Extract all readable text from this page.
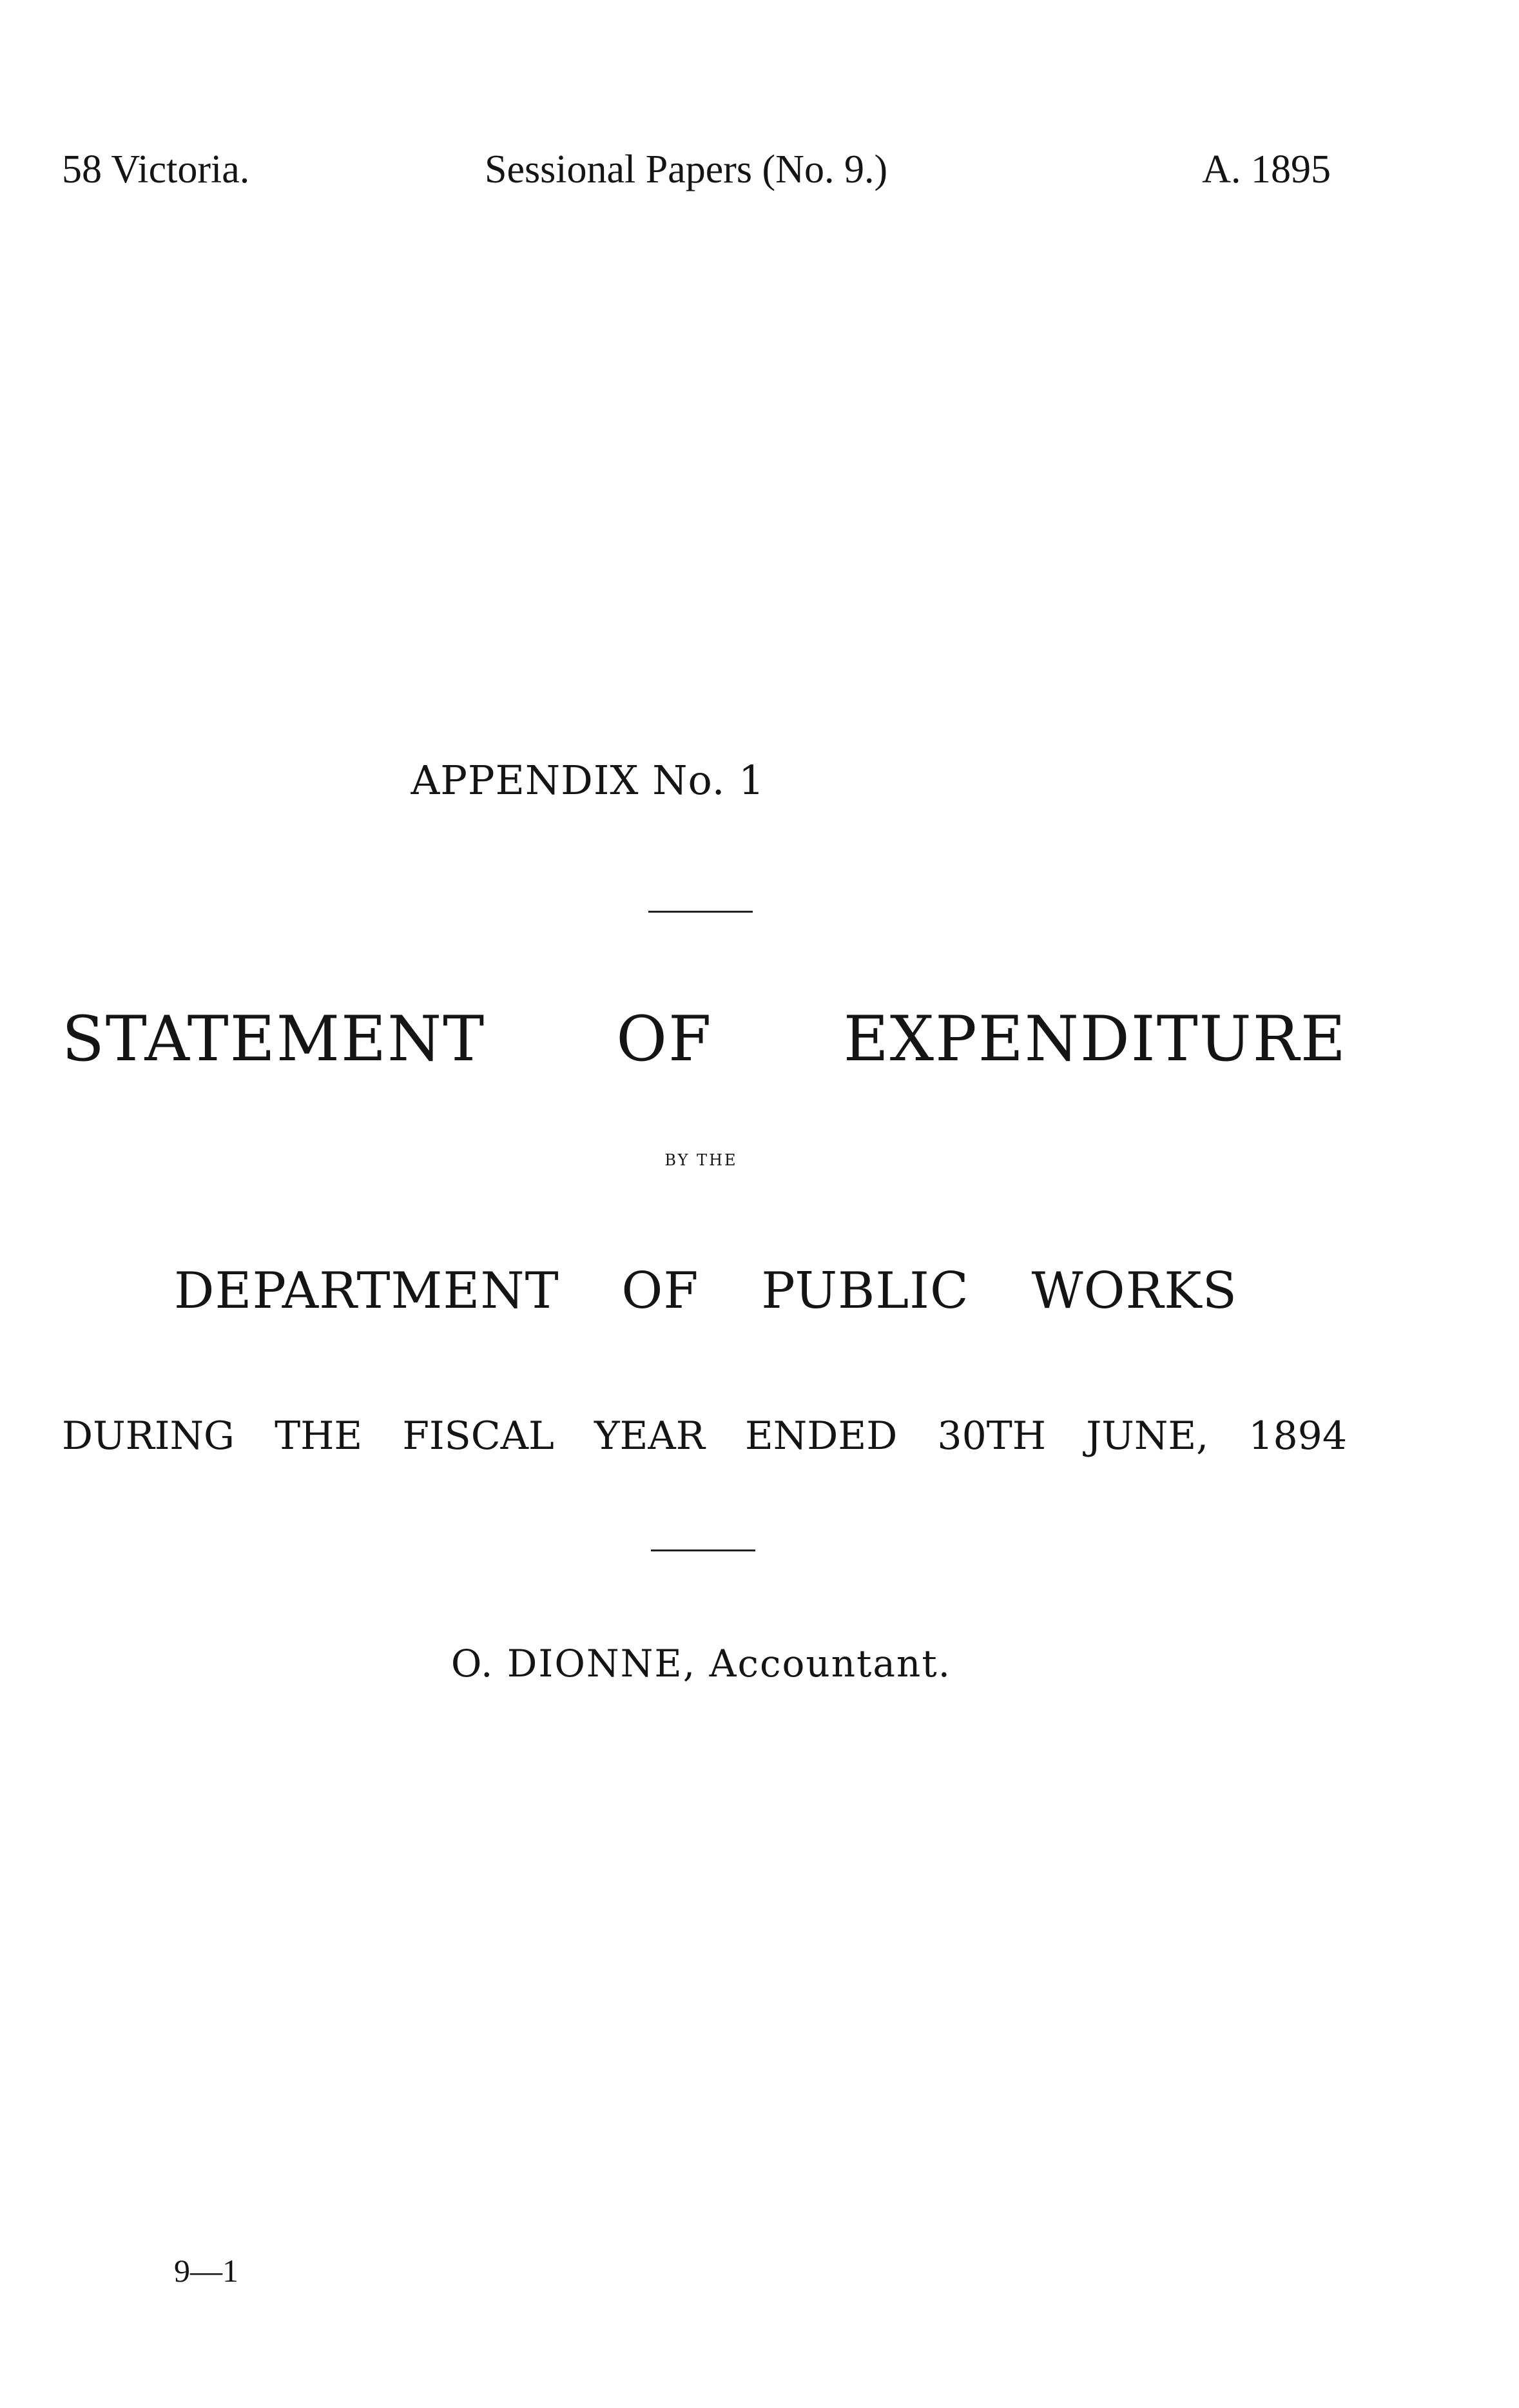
58 Victoria.	Sessional Papers (No. 9.)	A. 1895
APPENDIX No. 1
STATEMENT OF EXPENDITURE
BY THE
DEPARTMENT OF PUBLIC WORKS
DURING THE FISCAL YEAR ENDED 30TH JUNE, 1894
O. DIONNE, Accountant.
9—1
